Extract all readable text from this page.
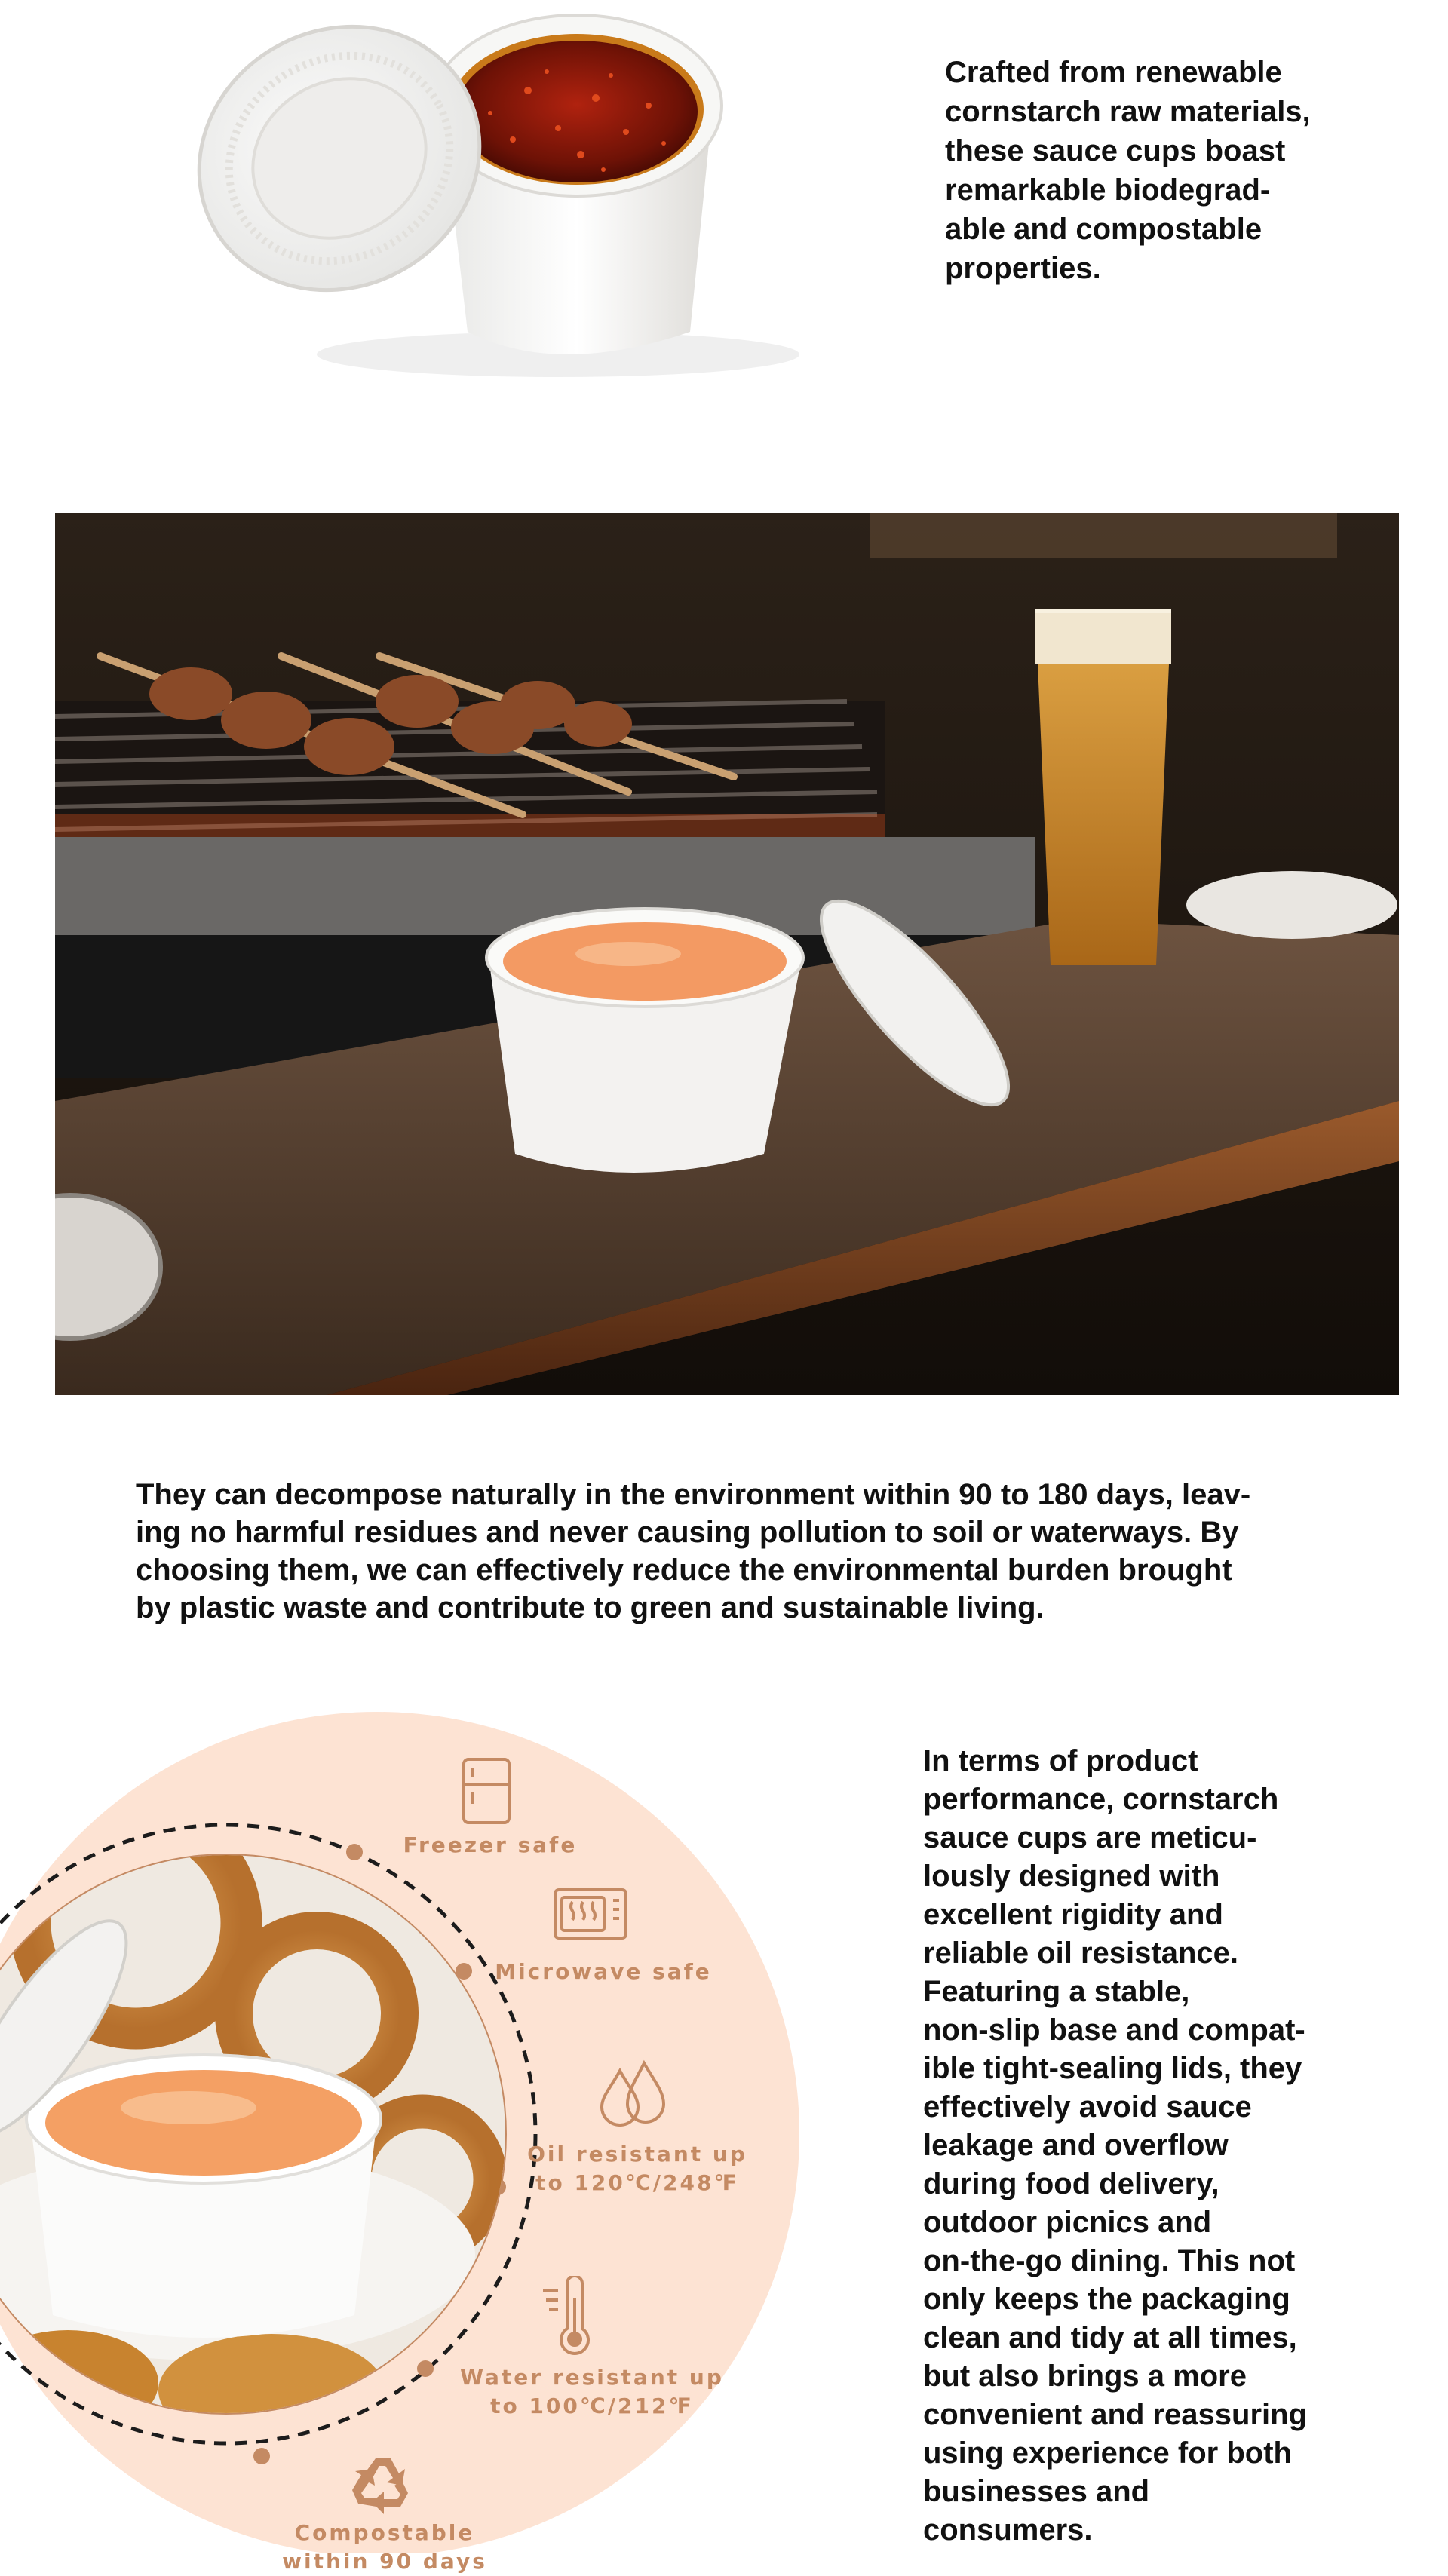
Crafted from renewable
cornstarch raw materials,
these sauce cups boast
remarkable biodegrad-
able and compostable
properties.
They can decompose naturally in the environment within 90 to 180 days, leav-
ing no harmful residues and never causing pollution to soil or waterways. By
choosing them, we can effectively reduce the environmental burden brought
by plastic waste and contribute to green and sustainable living.
Freezer safe
Microwave safe
Oil resistant up
to 120℃/248℉
Water resistant up
to 100℃/212℉
Compostable
within 90 days
In terms of product
performance, cornstarch
sauce cups are meticu-
lously designed with
excellent rigidity and
reliable oil resistance.
Featuring a stable,
non-slip base and compat-
ible tight-sealing lids, they
effectively avoid sauce
leakage and overflow
during food delivery,
outdoor picnics and
on-the-go dining. This not
only keeps the packaging
clean and tidy at all times,
but also brings a more
convenient and reassuring
using experience for both
businesses and
consumers.
